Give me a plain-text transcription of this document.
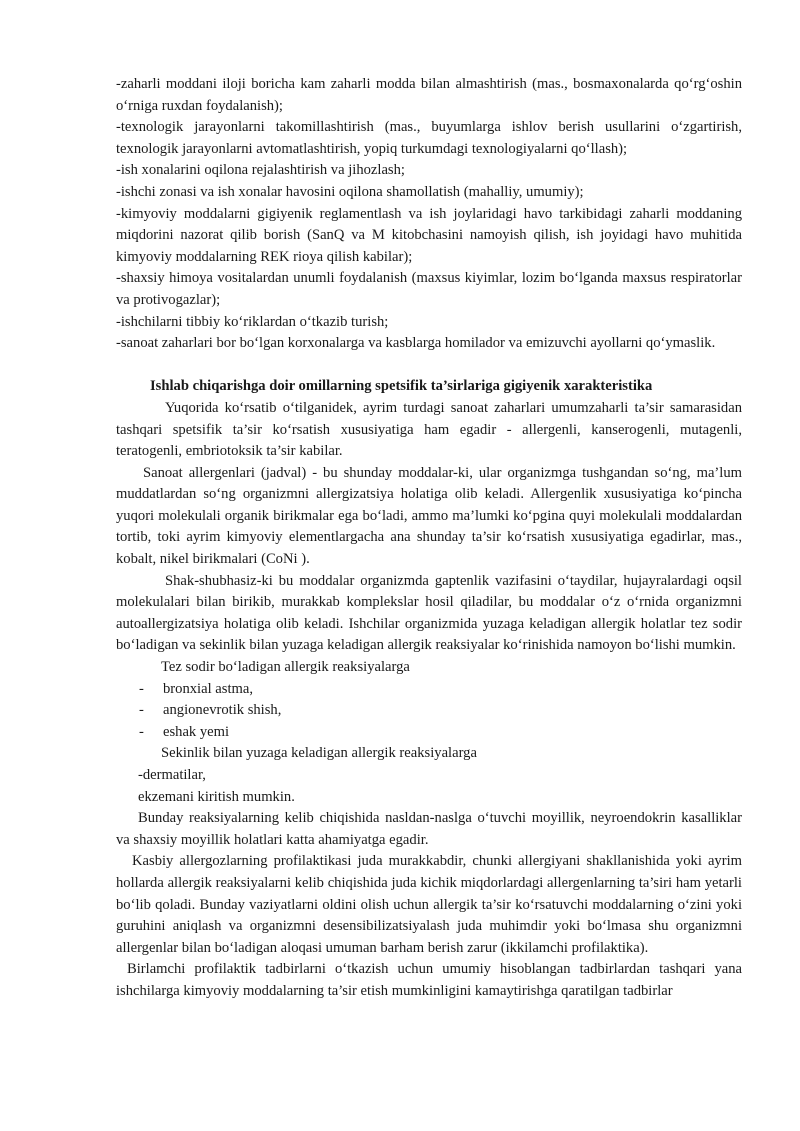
-zaharli moddani iloji boricha kam zaharli modda bilan almashtirish (mas., bosmaxonalarda qo‘rg‘oshin o‘rniga ruxdan foydalanish);

-texnologik jarayonlarni takomillashtirish (mas., buyumlarga ishlov berish usullarini o‘zgartirish, texnologik jarayonlarni avtomatlashtirish, yopiq turkumdagi texnologiyalarni qo‘llash);

-ish xonalarini oqilona rejalashtirish va jihozlash;

-ishchi zonasi va ish xonalar havosini oqilona shamollatish (mahalliy, umumiy);

-kimyoviy moddalarni gigiyenik reglamentlash va ish joylaridagi havo tarkibidagi zaharli moddaning miqdorini nazorat qilib borish (SanQ va M kitobchasini namoyish qilish, ish joyidagi havo muhitida kimyoviy moddalarning REK rioya qilish kabilar);

-shaxsiy himoya vositalardan unumli foydalanish (maxsus kiyimlar, lozim bo‘lganda maxsus respiratorlar va protivogazlar);

-ishchilarni tibbiy ko‘riklardan o‘tkazib turish;

-sanoat zaharlari bor bo‘lgan korxonalarga va kasblarga homilador va emizuvchi ayollarni qo‘ymaslik.

Ishlab chiqarishga doir omillarning spetsifik ta’sirlariga gigiyenik xarakteristika

Yuqorida ko‘rsatib o‘tilganidek, ayrim turdagi sanoat zaharlari umumzaharli ta’sir samarasidan tashqari spetsifik ta’sir ko‘rsatish xususiyatiga ham egadir - allergenli, kanserogenli, mutagenli, teratogenli, embriotoksik ta’sir kabilar.

Sanoat allergenlari (jadval) - bu shunday moddalar-ki, ular organizmga tushgandan so‘ng, ma’lum muddatlardan so‘ng organizmni allergizatsiya holatiga olib keladi. Allergenlik xususiyatiga ko‘pincha yuqori molekulali organik birikmalar ega bo‘ladi, ammo ma’lumki ko‘pgina quyi molekulali moddalardan tortib, toki ayrim kimyoviy elementlargacha ana shunday ta’sir ko‘rsatish xususiyatiga egadirlar, mas., kobalt, nikel birikmalari (CoNi ).

Shak-shubhasiz-ki bu moddalar organizmda gaptenlik vazifasini o‘taydilar, hujayralardagi oqsil molekulalari bilan birikib, murakkab komplekslar hosil qiladilar, bu moddalar o‘z o‘rnida organizmni autoallergizatsiya holatiga olib keladi. Ishchilar organizmida yuzaga keladigan allergik holatlar tez sodir bo‘ladigan va sekinlik bilan yuzaga keladigan allergik reaksiyalar ko‘rinishida namoyon bo‘lishi mumkin.

Tez sodir bo‘ladigan allergik reaksiyalarga

-	bronxial astma,
-	angionevrotik shish,
-	eshak yemi

Sekinlik bilan yuzaga keladigan allergik reaksiyalarga

-dermatilar,

ekzemani kiritish mumkin.

Bunday reaksiyalarning kelib chiqishida nasldan-naslga o‘tuvchi moyillik, neyroendokrin kasalliklar va shaxsiy moyillik holatlari katta ahamiyatga egadir.

Kasbiy allergozlarning profilaktikasi juda murakkabdir, chunki allergiyani shakllanishida yoki ayrim hollarda allergik reaksiyalarni kelib chiqishida juda kichik miqdorlardagi allergenlarning ta’siri ham yetarli bo‘lib qoladi. Bunday vaziyatlarni oldini olish uchun allergik ta’sir ko‘rsatuvchi moddalarning o‘zini yoki guruhini aniqlash va organizmni desensibilizatsiyalash juda muhimdir yoki bo‘lmasa shu organizmni allergenlar bilan bo‘ladigan aloqasi umuman barham berish zarur (ikkilamchi profilaktika).

Birlamchi profilaktik tadbirlarni o‘tkazish uchun umumiy hisoblangan tadbirlardan tashqari yana ishchilarga kimyoviy moddalarning ta’sir etish mumkinligini kamaytirishga qaratilgan tadbirlar
